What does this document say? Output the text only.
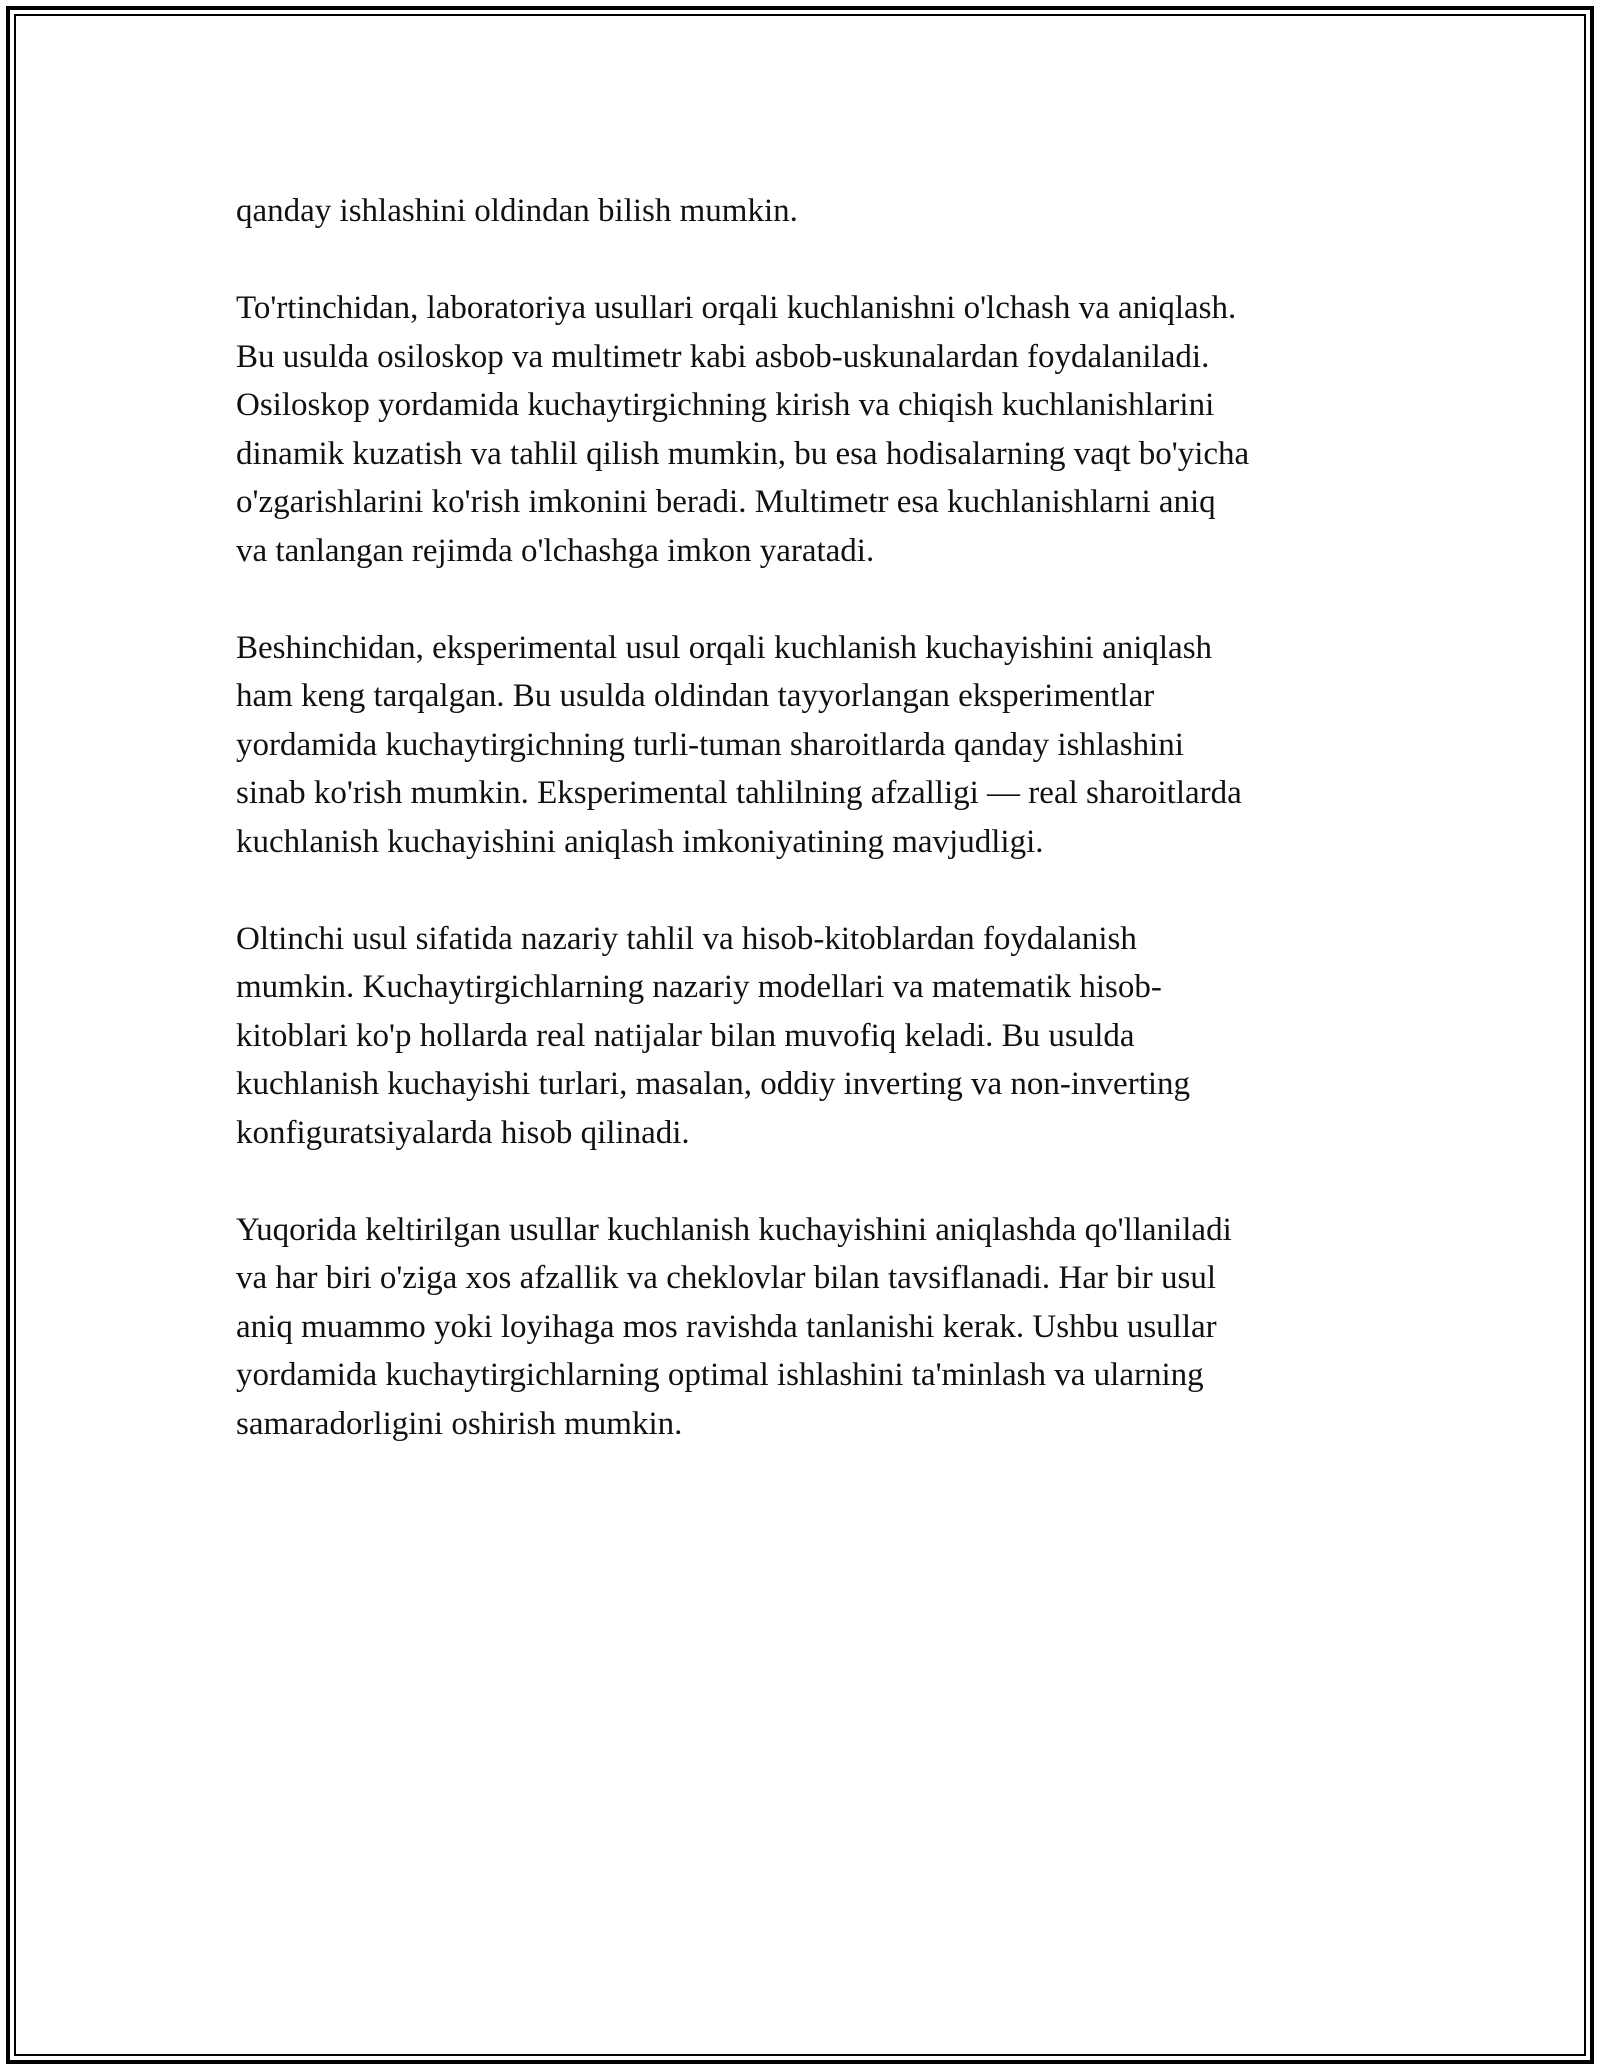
qanday ishlashini oldindan bilish mumkin.

To'rtinchidan, laboratoriya usullari orqali kuchlanishni o'lchash va aniqlash.
Bu usulda osiloskop va multimetr kabi asbob-uskunalardan foydalaniladi.
Osiloskop yordamida kuchaytirgichning kirish va chiqish kuchlanishlarini
dinamik kuzatish va tahlil qilish mumkin, bu esa hodisalarning vaqt bo'yicha
o'zgarishlarini ko'rish imkonini beradi. Multimetr esa kuchlanishlarni aniq
va tanlangan rejimda o'lchashga imkon yaratadi.

Beshinchidan, eksperimental usul orqali kuchlanish kuchayishini aniqlash
ham keng tarqalgan. Bu usulda oldindan tayyorlangan eksperimentlar
yordamida kuchaytirgichning turli-tuman sharoitlarda qanday ishlashini
sinab ko'rish mumkin. Eksperimental tahlilning afzalligi — real sharoitlarda
kuchlanish kuchayishini aniqlash imkoniyatining mavjudligi.

Oltinchi usul sifatida nazariy tahlil va hisob-kitoblardan foydalanish
mumkin. Kuchaytirgichlarning nazariy modellari va matematik hisob-
kitoblari ko'p hollarda real natijalar bilan muvofiq keladi. Bu usulda
kuchlanish kuchayishi turlari, masalan, oddiy inverting va non-inverting
konfiguratsiyalarda hisob qilinadi.

Yuqorida keltirilgan usullar kuchlanish kuchayishini aniqlashda qo'llaniladi
va har biri o'ziga xos afzallik va cheklovlar bilan tavsiflanadi. Har bir usul
aniq muammo yoki loyihaga mos ravishda tanlanishi kerak. Ushbu usullar
yordamida kuchaytirgichlarning optimal ishlashini ta'minlash va ularning
samaradorligini oshirish mumkin.
